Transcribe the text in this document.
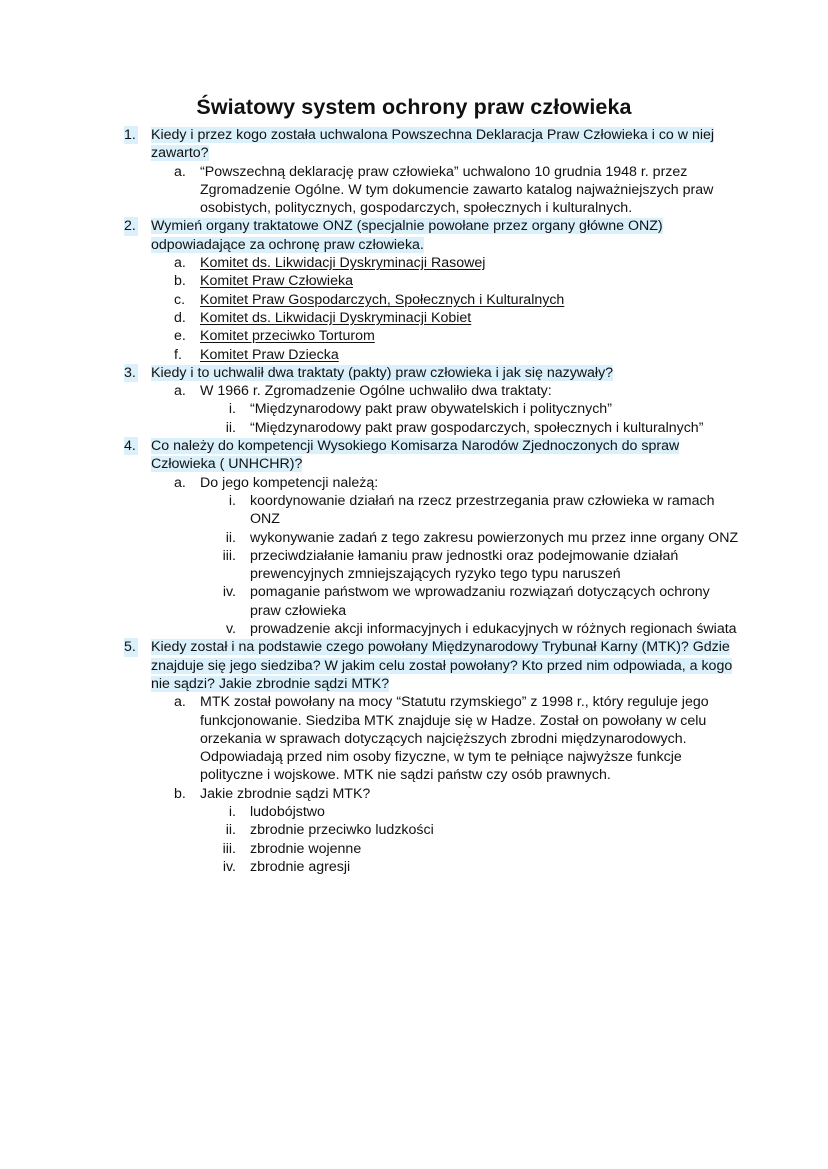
Światowy system ochrony praw człowieka
1. Kiedy i przez kogo została uchwalona Powszechna Deklaracja Praw Człowieka i co w niej zawarto?
a. “Powszechną deklarację praw człowieka” uchwalono 10 grudnia 1948 r. przez Zgromadzenie Ogólne. W tym dokumencie zawarto katalog najważniejszych praw osobistych, politycznych, gospodarczych, społecznych i kulturalnych.
2. Wymień organy traktatowe ONZ (specjalnie powołane przez organy główne ONZ) odpowiadające za ochronę praw człowieka.
a. Komitet ds. Likwidacji Dyskryminacji Rasowej
b. Komitet Praw Człowieka
c. Komitet Praw Gospodarczych, Społecznych i Kulturalnych
d. Komitet ds. Likwidacji Dyskryminacji Kobiet
e. Komitet przeciwko Torturom
f. Komitet Praw Dziecka
3. Kiedy i to uchwalił dwa traktaty (pakty) praw człowieka i jak się nazywały?
a. W 1966 r. Zgromadzenie Ogólne uchwaliło dwa traktaty:
i. “Międzynarodowy pakt praw obywatelskich i politycznych”
ii. “Międzynarodowy pakt praw gospodarczych, społecznych i kulturalnych”
4. Co należy do kompetencji Wysokiego Komisarza Narodów Zjednoczonych do spraw Człowieka ( UNHCHR)?
a. Do jego kompetencji należą:
i. koordynowanie działań na rzecz przestrzegania praw człowieka w ramach ONZ
ii. wykonywanie zadań z tego zakresu powierzonych mu przez inne organy ONZ
iii. przeciwdziałanie łamaniu praw jednostki oraz podejmowanie działań prewencyjnych zmniejszających ryzyko tego typu naruszeń
iv. pomaganie państwom we wprowadzaniu rozwiązań dotyczących ochrony praw człowieka
v. prowadzenie akcji informacyjnych i edukacyjnych w różnych regionach świata
5. Kiedy został i na podstawie czego powołany Międzynarodowy Trybunał Karny (MTK)? Gdzie znajduje się jego siedziba? W jakim celu został powołany? Kto przed nim odpowiada, a kogo nie sądzi? Jakie zbrodnie sądzi MTK?
a. MTK został powołany na mocy “Statutu rzymskiego” z 1998 r., który reguluje jego funkcjonowanie. Siedziba MTK znajduje się w Hadze. Został on powołany w celu orzekania w sprawach dotyczących najcięższych zbrodni międzynarodowych. Odpowiadają przed nim osoby fizyczne, w tym te pełniące najwyższe funkcje polityczne i wojskowe. MTK nie sądzi państw czy osób prawnych.
b. Jakie zbrodnie sądzi MTK?
i. ludobójstwo
ii. zbrodnie przeciwko ludzkości
iii. zbrodnie wojenne
iv. zbrodnie agresji
